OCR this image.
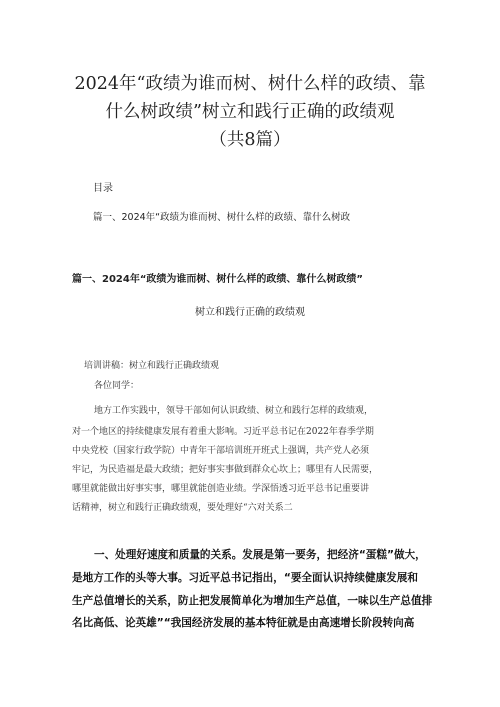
2024年“政绩为谁而树、树什么样的政绩、靠
什么树政绩”树立和践行正确的政绩观
（共8篇）
目录
篇一、2024年“政绩为谁而树、树什么样的政绩、靠什么树政
篇一、2024年“政绩为谁而树、树什么样的政绩、靠什么树政绩”
树立和践行正确的政绩观
培训讲稿：树立和践行正确政绩观
各位同学：
地方工作实践中，领导干部如何认识政绩、树立和践行怎样的政绩观，
对一个地区的持续健康发展有着重大影响。习近平总书记在2022年春季学期
中央党校（国家行政学院）中青年干部培训班开班式上强调，共产党人必须
牢记，为民造福是最大政绩；把好事实事做到群众心坎上；哪里有人民需要，
哪里就能做出好事实事，哪里就能创造业绩。学深悟透习近平总书记重要讲
话精神，树立和践行正确政绩观，要处理好“六对关系二
一、处理好速度和质量的关系。发展是第一要务，把经济“蛋糕”做大，
是地方工作的头等大事。习近平总书记指出，“要全面认识持续健康发展和
生产总值增长的关系，防止把发展简单化为增加生产总值，一味以生产总值排
名比高低、论英雄”“我国经济发展的基本特征就是由高速增长阶段转向高
